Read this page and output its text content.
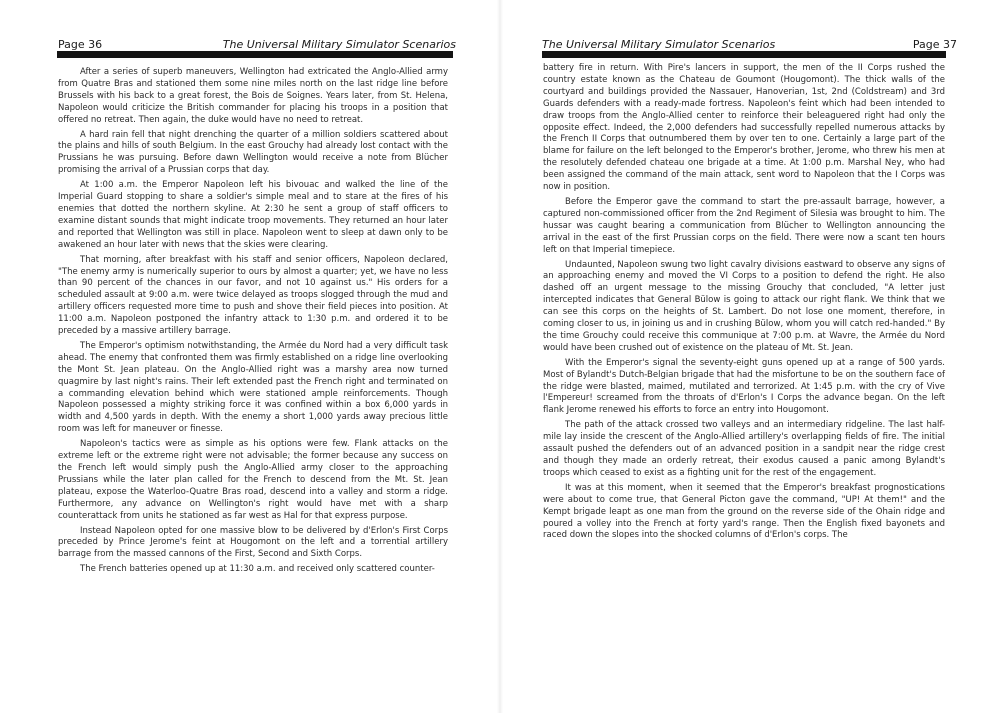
Page 36	The Universal Military Simulator Scenarios

After a series of superb maneuvers, Wellington had extricated the Anglo-Allied army from Quatre Bras and stationed them some nine miles north on the last ridge line before Brussels with his back to a great forest, the Bois de Soignes. Years later, from St. Helena, Napoleon would criticize the British commander for placing his troops in a position that offered no retreat. Then again, the duke would have no need to retreat.

A hard rain fell that night drenching the quarter of a million soldiers scattered about the plains and hills of south Belgium. In the east Grouchy had already lost contact with the Prussians he was pursuing. Before dawn Wellington would receive a note from Blücher promising the arrival of a Prussian corps that day.

At 1:00 a.m. the Emperor Napoleon left his bivouac and walked the line of the Imperial Guard stopping to share a soldier's simple meal and to stare at the fires of his enemies that dotted the northern skyline. At 2:30 he sent a group of staff officers to examine distant sounds that might indicate troop movements. They returned an hour later and reported that Wellington was still in place. Napoleon went to sleep at dawn only to be awakened an hour later with news that the skies were clearing.

That morning, after breakfast with his staff and senior officers, Napoleon declared, "The enemy army is numerically superior to ours by almost a quarter; yet, we have no less than 90 percent of the chances in our favor, and not 10 against us." His orders for a scheduled assault at 9:00 a.m. were twice delayed as troops slogged through the mud and artillery officers requested more time to push and shove their field pieces into position. At 11:00 a.m. Napoleon postponed the infantry attack to 1:30 p.m. and ordered it to be preceded by a massive artillery barrage.

The Emperor's optimism notwithstanding, the Armée du Nord had a very difficult task ahead. The enemy that confronted them was firmly established on a ridge line overlooking the Mont St. Jean plateau. On the Anglo-Allied right was a marshy area now turned quagmire by last night's rains. Their left extended past the French right and terminated on a commanding elevation behind which were stationed ample reinforcements. Though Napoleon possessed a mighty striking force it was confined within a box 6,000 yards in width and 4,500 yards in depth. With the enemy a short 1,000 yards away precious little room was left for maneuver or finesse.

Napoleon's tactics were as simple as his options were few. Flank attacks on the extreme left or the extreme right were not advisable; the former because any success on the French left would simply push the Anglo-Allied army closer to the approaching Prussians while the later plan called for the French to descend from the Mt. St. Jean plateau, expose the Waterloo-Quatre Bras road, descend into a valley and storm a ridge. Furthermore, any advance on Wellington's right would have met with a sharp counterattack from units he stationed as far west as Hal for that express purpose.

Instead Napoleon opted for one massive blow to be delivered by d'Erlon's First Corps preceded by Prince Jerome's feint at Hougomont on the left and a torrential artillery barrage from the massed cannons of the First, Second and Sixth Corps.

The French batteries opened up at 11:30 a.m. and received only scattered counter-

The Universal Military Simulator Scenarios	Page 37

battery fire in return. With Pire's lancers in support, the men of the II Corps rushed the country estate known as the Chateau de Goumont (Hougomont). The thick walls of the courtyard and buildings provided the Nassauer, Hanoverian, 1st, 2nd (Coldstream) and 3rd Guards defenders with a ready-made fortress. Napoleon's feint which had been intended to draw troops from the Anglo-Allied center to reinforce their beleaguered right had only the opposite effect. Indeed, the 2,000 defenders had successfully repelled numerous attacks by the French II Corps that outnumbered them by over ten to one. Certainly a large part of the blame for failure on the left belonged to the Emperor's brother, Jerome, who threw his men at the resolutely defended chateau one brigade at a time. At 1:00 p.m. Marshal Ney, who had been assigned the command of the main attack, sent word to Napoleon that the I Corps was now in position.

Before the Emperor gave the command to start the pre-assault barrage, however, a captured non-commissioned officer from the 2nd Regiment of Silesia was brought to him. The hussar was caught bearing a communication from Blücher to Wellington announcing the arrival in the east of the first Prussian corps on the field. There were now a scant ten hours left on that Imperial timepiece.

Undaunted, Napoleon swung two light cavalry divisions eastward to observe any signs of an approaching enemy and moved the VI Corps to a position to defend the right. He also dashed off an urgent message to the missing Grouchy that concluded, "A letter just intercepted indicates that General Bülow is going to attack our right flank. We think that we can see this corps on the heights of St. Lambert. Do not lose one moment, therefore, in coming closer to us, in joining us and in crushing Bülow, whom you will catch red-handed." By the time Grouchy could receive this communique at 7:00 p.m. at Wavre, the Armée du Nord would have been crushed out of existence on the plateau of Mt. St. Jean.

With the Emperor's signal the seventy-eight guns opened up at a range of 500 yards. Most of Bylandt's Dutch-Belgian brigade that had the misfortune to be on the southern face of the ridge were blasted, maimed, mutilated and terrorized. At 1:45 p.m. with the cry of Vive l'Empereur! screamed from the throats of d'Erlon's I Corps the advance began. On the left flank Jerome renewed his efforts to force an entry into Hougomont.

The path of the attack crossed two valleys and an intermediary ridgeline. The last half-mile lay inside the crescent of the Anglo-Allied artillery's overlapping fields of fire. The initial assault pushed the defenders out of an advanced position in a sandpit near the ridge crest and though they made an orderly retreat, their exodus caused a panic among Bylandt's troops which ceased to exist as a fighting unit for the rest of the engagement.

It was at this moment, when it seemed that the Emperor's breakfast prognostications were about to come true, that General Picton gave the command, "UP! At them!" and the Kempt brigade leapt as one man from the ground on the reverse side of the Ohain ridge and poured a volley into the French at forty yard's range. Then the English fixed bayonets and raced down the slopes into the shocked columns of d'Erlon's corps. The
